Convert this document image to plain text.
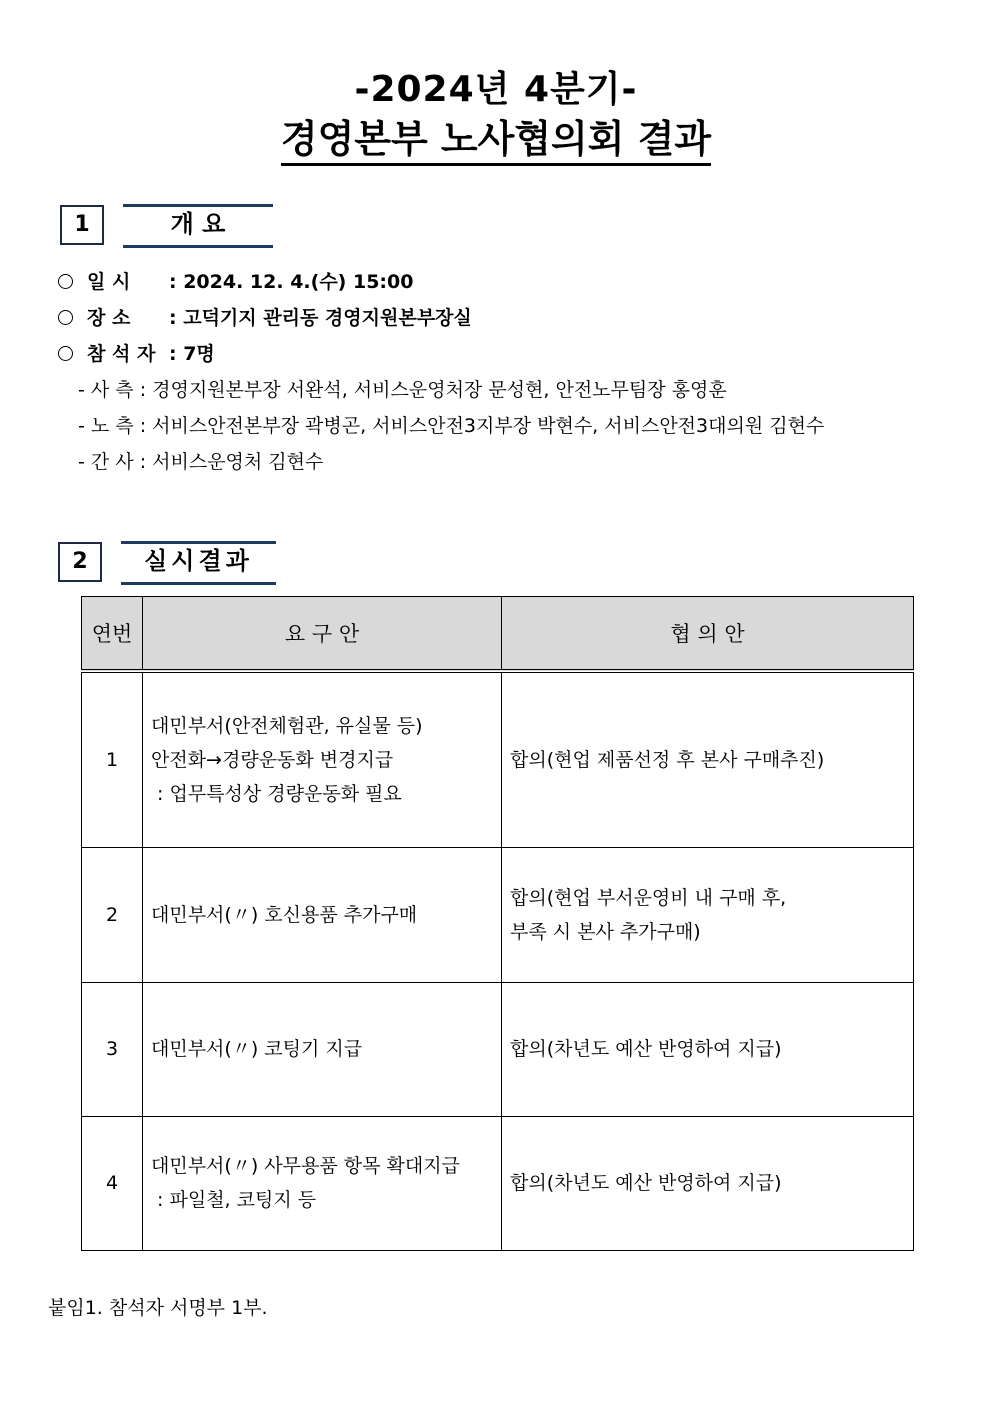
-2024년 4분기-
경영본부 노사협의회 결과
1	개 요
일 시 : 2024. 12. 4.(수) 15:00
장 소 : 고덕기지 관리동 경영지원본부장실
참 석 자 : 7명
- 사 측 : 경영지원본부장 서완석, 서비스운영처장 문성현, 안전노무팀장 홍영훈
- 노 측 : 서비스안전본부장 곽병곤, 서비스안전3지부장 박현수, 서비스안전3대의원 김현수
- 간 사 : 서비스운영처 김현수
2	실시결과
연번	요 구 안	협 의 안
1	대민부서(안전체험관, 유실물 등)
안전화→경량운동화 변경지급
: 업무특성상 경량운동화 필요	합의(현업 제품선정 후 본사 구매추진)

2	대민부서(〃) 호신용품 추가구매	합의(현업 부서운영비 내 구매 후,
부족 시 본사 추가구매)

3	대민부서(〃) 코팅기 지급	합의(차년도 예산 반영하여 지급)

4	대민부서(〃) 사무용품 항목 확대지급
: 파일철, 코팅지 등	합의(차년도 예산 반영하여 지급)
붙임1. 참석자 서명부 1부.
